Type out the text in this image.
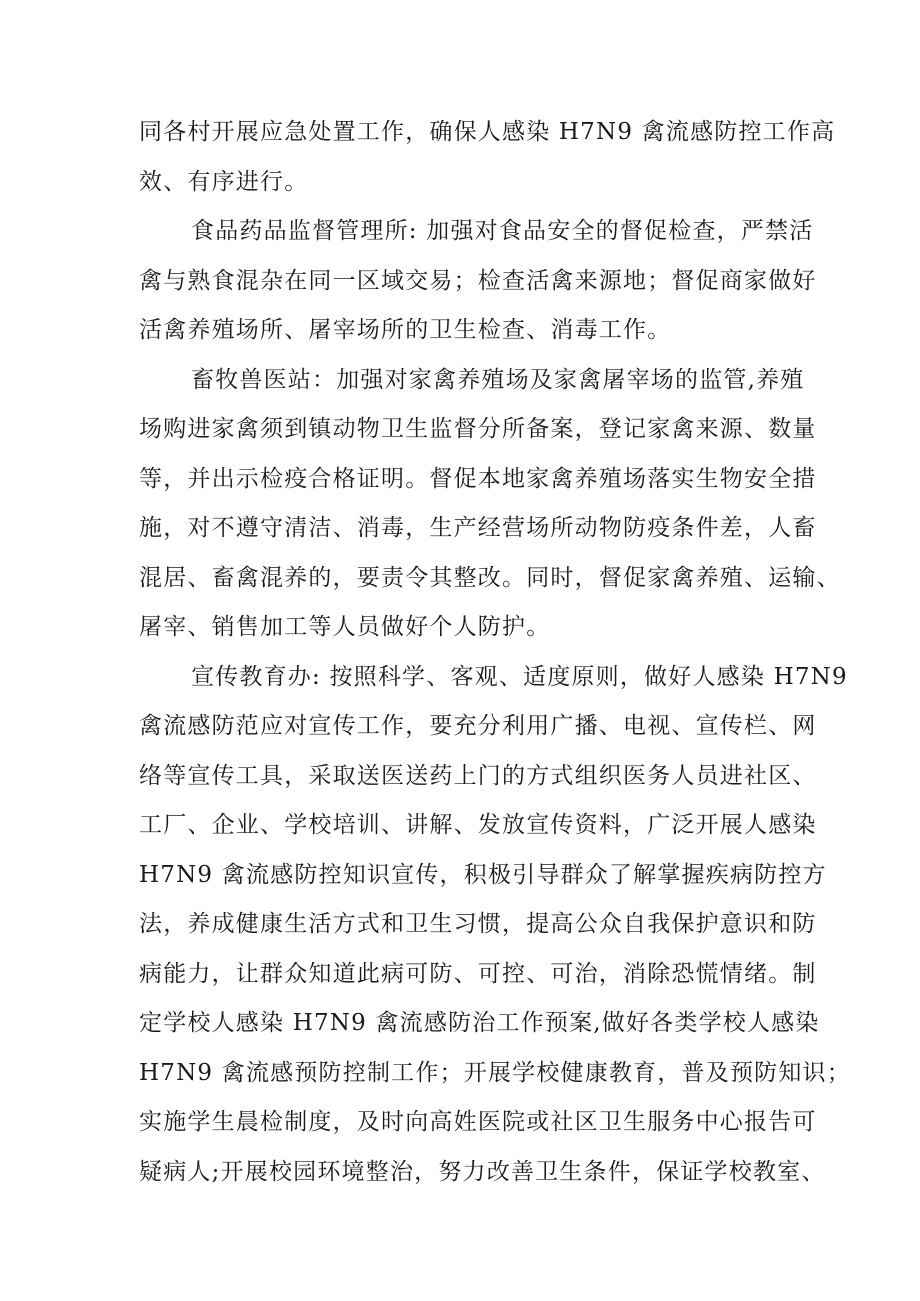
同各村开展应急处置工作，确保人感染 H7N9 禽流感防控工作高
效、有序进行。
食品药品监督管理所: 加强对食品安全的督促检查，严禁活
禽与熟食混杂在同一区域交易；检查活禽来源地；督促商家做好
活禽养殖场所、屠宰场所的卫生检查、消毒工作。
畜牧兽医站：加强对家禽养殖场及家禽屠宰场的监管,养殖
场购进家禽须到镇动物卫生监督分所备案，登记家禽来源、数量
等，并出示检疫合格证明。督促本地家禽养殖场落实生物安全措
施，对不遵守清洁、消毒，生产经营场所动物防疫条件差，人畜
混居、畜禽混养的，要责令其整改。同时，督促家禽养殖、运输、
屠宰、销售加工等人员做好个人防护。
宣传教育办: 按照科学、客观、适度原则，做好人感染 H7N9
禽流感防范应对宣传工作，要充分利用广播、电视、宣传栏、网
络等宣传工具，采取送医送药上门的方式组织医务人员进社区、
工厂、企业、学校培训、讲解、发放宣传资料，广泛开展人感染
H7N9 禽流感防控知识宣传，积极引导群众了解掌握疾病防控方
法，养成健康生活方式和卫生习惯，提高公众自我保护意识和防
病能力，让群众知道此病可防、可控、可治，消除恐慌情绪。制
定学校人感染 H7N9 禽流感防治工作预案,做好各类学校人感染
H7N9 禽流感预防控制工作；开展学校健康教育，普及预防知识；
实施学生晨检制度，及时向高姓医院或社区卫生服务中心报告可
疑病人;开展校园环境整治，努力改善卫生条件，保证学校教室、
